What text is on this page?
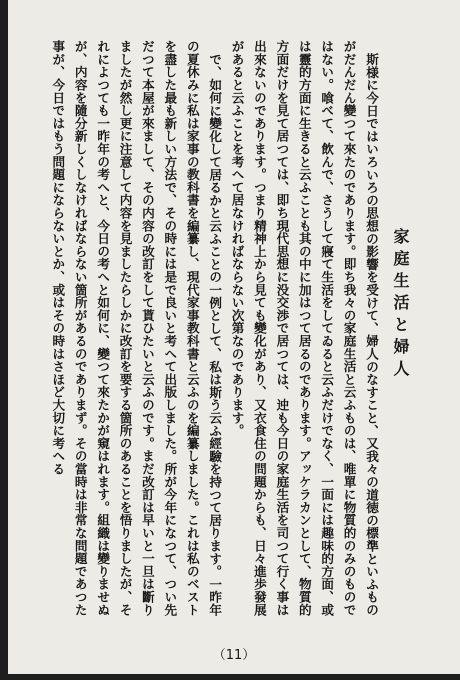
家庭生活と婦人

斯様に今日ではいろいろの思想の影響を受けて、婦人のなすこと、又我々の道徳の標準といふものがだんだん變つて來たのであります。即ち我々の家庭生活と云ふものは、唯單に物質的のみのものではない。喰べて、飲んで、さうして寢て生活をしてゐると云ふだけでなく、一面には趣味的方面、或は靈的方面に生きると云ふことも其の中に加はつて居るのであります。アッケラカンとして、物質的方面だけを見て居つては、即ち現代思想に没交渉で居つては、迚も今日の家庭生活を司つて行く事は出來ないのであります。つまり精神上から見ても變化があり、又衣食住の問題からも、日々進歩發展があると云ふことを考へて居なければならない次第なのであります。

で、如何に變化して居るかと云ふことの一例として、私は斯う云ふ經驗を持つて居ります。一昨年の夏休みに私は家事の教科書を編纂し、現代家事教科書と云ふのを編纂しました。これは私のベストを盡した最も新しい方法で、その時には是で良いと考へて出版しました。所が今年になつて、つい先だつて本屋が來まして、その内容の改訂をして貰ひたいと云ふのです。まだ改訂は早いと一旦は斷りましたが然し更に注意して内容を見ましたらしかに改訂を要する箇所のあることを悟りましたが、それによつても一昨年の考へと、今日の考へと如何に、變つて來たかが窺はれます。組織は變りませぬが、内容を隨分新しくしなければならない箇所があるのでありまず。その當時は非常な問題であつた事が、今日ではもう問題にならないとか、或はその時はさほど大切に考へる

（11）
